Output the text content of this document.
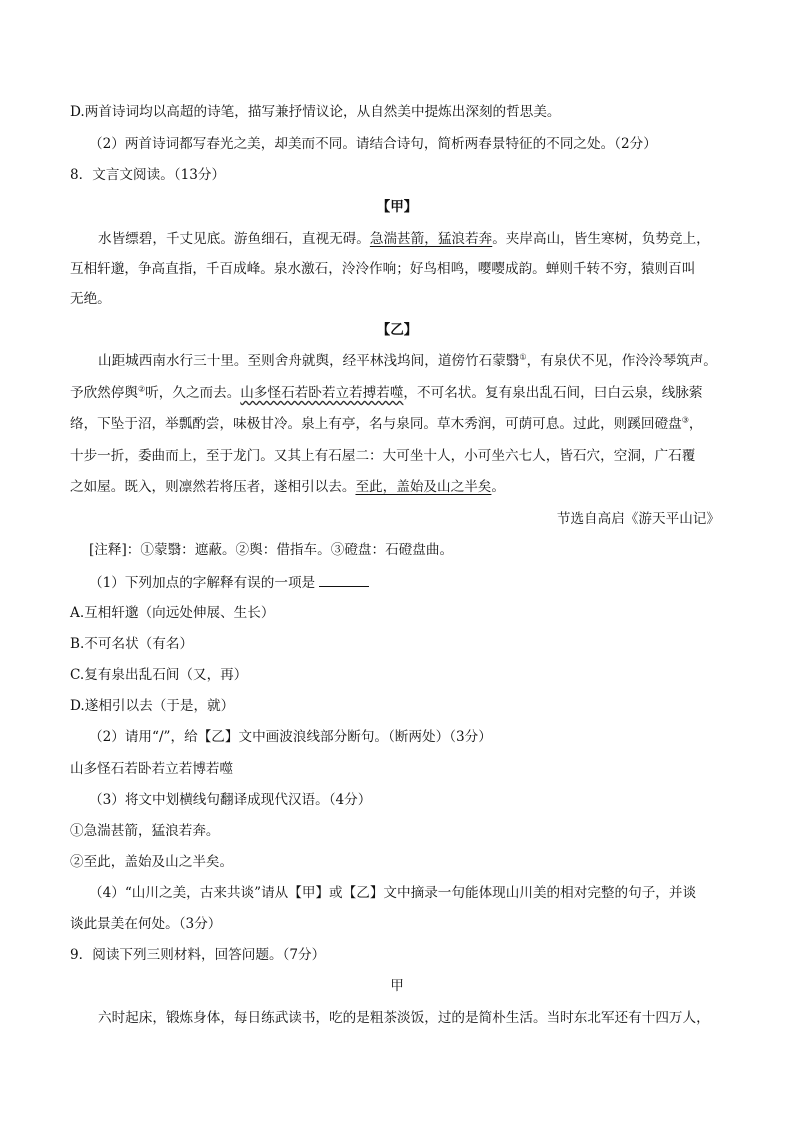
D.两首诗词均以高超的诗笔，描写兼抒情议论，从自然美中提炼出深刻的哲思美。
（2）两首诗词都写春光之美，却美而不同。请结合诗句，简析两春景特征的不同之处。（2分）
8．文言文阅读。（13分）
【甲】
水皆缥碧，千丈见底。游鱼细石，直视无碍。急湍甚箭，猛浪若奔。夹岸高山，皆生寒树，负势竞上，
互相轩邈，争高直指，千百成峰。泉水激石，泠泠作响；好鸟相鸣，嘤嘤成韵。蝉则千转不穷，猿则百叫
无绝。
【乙】
山距城西南水行三十里。至则舍舟就舆，经平林浅坞间，道傍竹石蒙翳①，有泉伏不见，作泠泠琴筑声。
予欣然停舆②听，久之而去。山多怪石若卧若立若搏若噬，不可名状。复有泉出乱石间，曰白云泉，线脉萦
络，下坠于沼，举瓢酌尝，味极甘冷。泉上有亭，名与泉同。草木秀润，可荫可息。过此，则蹊回磴盘③，
十步一折，委曲而上，至于龙门。又其上有石屋二：大可坐十人，小可坐六七人，皆石穴，空洞，广石覆
之如屋。既入，则凛然若将压者，遂相引以去。至此，盖始及山之半矣。
节选自高启《游天平山记》
[注释]：①蒙翳：遮蔽。②舆：借指车。③磴盘：石磴盘曲。
（1）下列加点的字解释有误的一项是
A.互相轩邈（向远处伸展、生长）
B.不可名状（有名）
C.复有泉出乱石间（又，再）
D.遂相引以去（于是，就）
（2）请用“/”，给【乙】文中画波浪线部分断句。（断两处）（3分）
山多怪石若卧若立若博若噬
（3）将文中划横线句翻译成现代汉语。（4分）
①急湍甚箭，猛浪若奔。
②至此，盖始及山之半矣。
（4）“山川之美，古来共谈”请从【甲】或【乙】文中摘录一句能体现山川美的相对完整的句子，并谈
谈此景美在何处。（3分）
9．阅读下列三则材料，回答问题。（7分）
甲
六时起床，锻炼身体，每日练武读书，吃的是粗茶淡饭，过的是简朴生活。当时东北军还有十四万人，
